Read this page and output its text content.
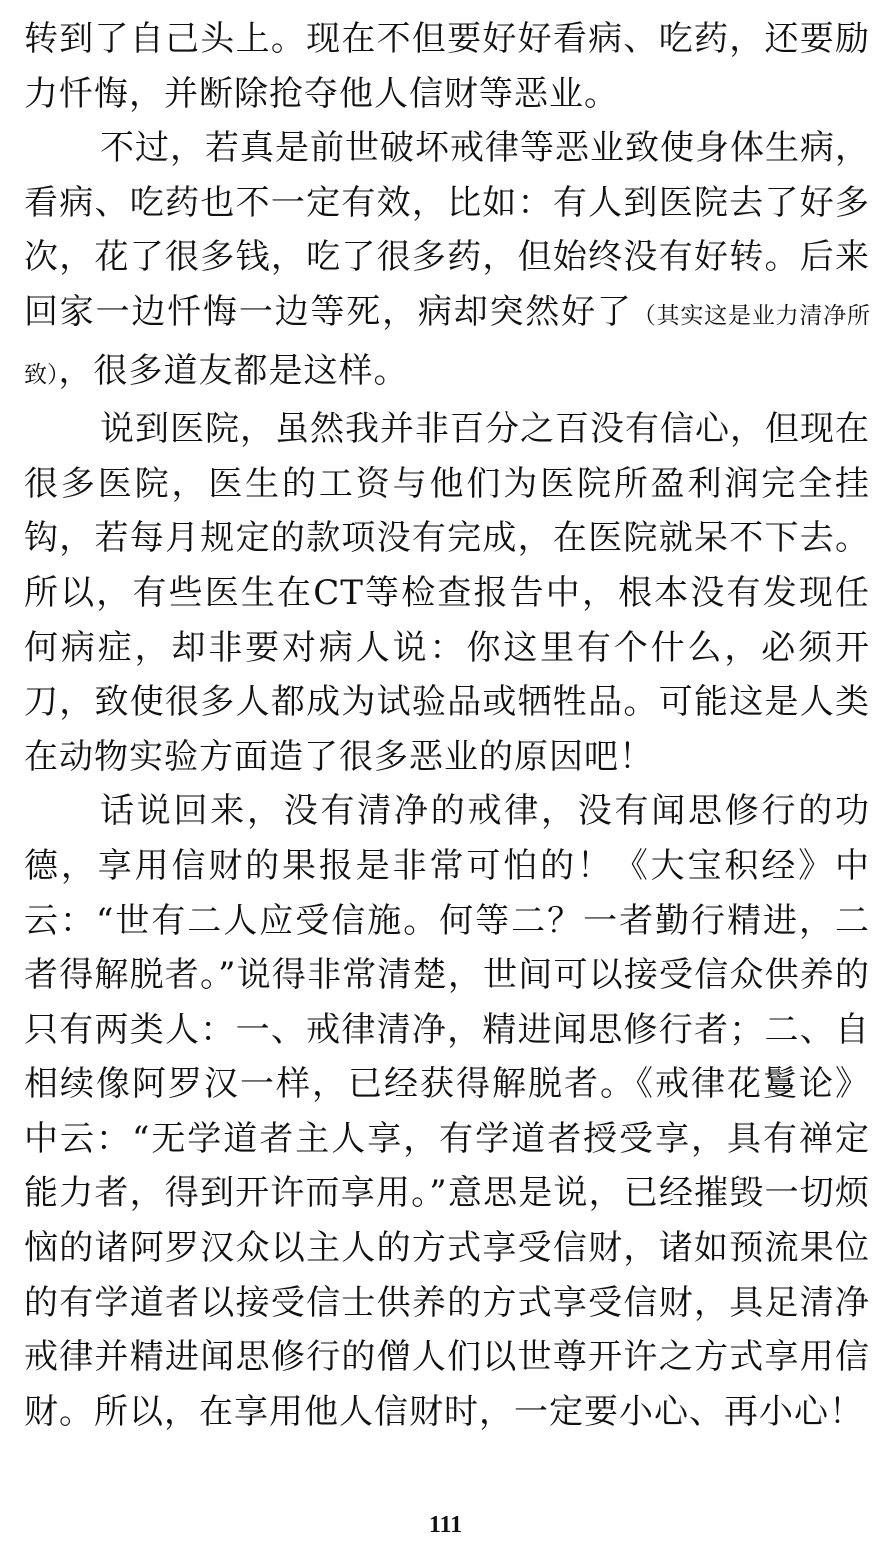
转到了自己头上。现在不但要好好看病、吃药，还要励力忏悔，并断除抢夺他人信财等恶业。

不过，若真是前世破坏戒律等恶业致使身体生病，看病、吃药也不一定有效，比如：有人到医院去了好多次，花了很多钱，吃了很多药，但始终没有好转。后来回家一边忏悔一边等死，病却突然好了（其实这是业力清净所致），很多道友都是这样。

说到医院，虽然我并非百分之百没有信心，但现在很多医院，医生的工资与他们为医院所盈利润完全挂钩，若每月规定的款项没有完成，在医院就呆不下去。所以，有些医生在CT等检查报告中，根本没有发现任何病症，却非要对病人说：你这里有个什么，必须开刀，致使很多人都成为试验品或牺牲品。可能这是人类在动物实验方面造了很多恶业的原因吧！

话说回来，没有清净的戒律，没有闻思修行的功德，享用信财的果报是非常可怕的！《大宝积经》中云：“世有二人应受信施。何等二？一者勤行精进，二者得解脱者。”说得非常清楚，世间可以接受信众供养的只有两类人：一、戒律清净，精进闻思修行者；二、自相续像阿罗汉一样，已经获得解脱者。《戒律花鬘论》中云：“无学道者主人享，有学道者授受享，具有禅定能力者，得到开许而享用。”意思是说，已经摧毁一切烦恼的诸阿罗汉众以主人的方式享受信财，诸如预流果位的有学道者以接受信士供养的方式享受信财，具足清净戒律并精进闻思修行的僧人们以世尊开许之方式享用信财。所以，在享用他人信财时，一定要小心、再小心！

111
